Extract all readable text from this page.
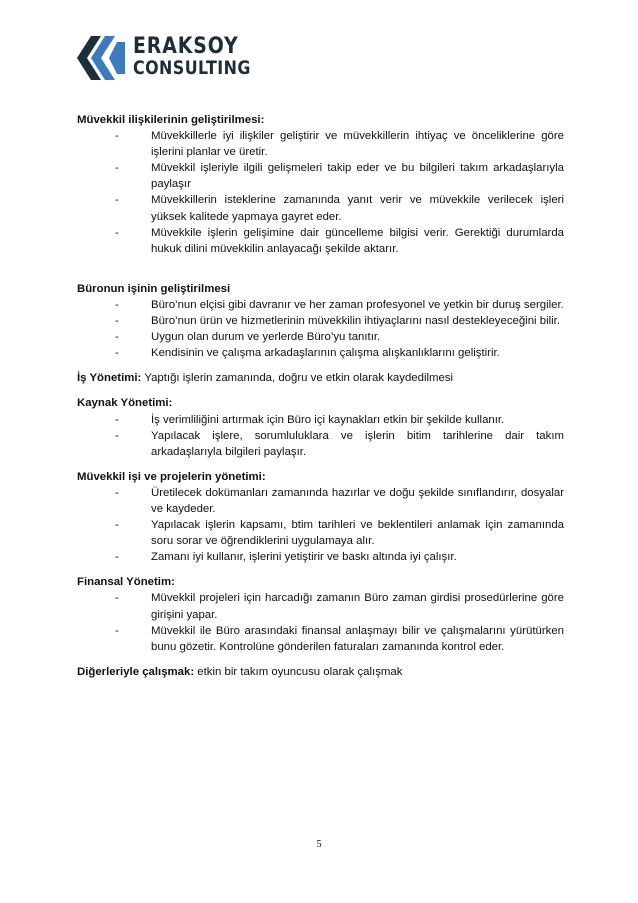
ERAKSOY
CONSULTING
Müvekkil ilişkilerinin geliştirilmesi:
-	Müvekkillerle iyi ilişkiler geliştirir ve müvekkillerin ihtiyaç ve önceliklerine göre işlerini planlar ve üretir.
-	Müvekkil işleriyle ilgili gelişmeleri takip eder ve bu bilgileri takım arkadaşlarıyla paylaşır
-	Müvekkillerin isteklerine zamanında yanıt verir ve müvekkile verilecek işleri yüksek kalitede yapmaya gayret eder.
-	Müvekkile işlerin gelişimine dair güncelleme bilgisi verir. Gerektiği durumlarda hukuk dilini müvekkilin anlayacağı şekilde aktarır.
Büronun işinin geliştirilmesi
-	Büro’nun elçisi gibi davranır ve her zaman profesyonel ve yetkin bir duruş sergiler.
-	Büro’nun ürün ve hizmetlerinin müvekkilin ihtiyaçlarını nasıl destekleyeceğini bilir.
-	Uygun olan durum ve yerlerde Büro’yu tanıtır.
-	Kendisinin ve çalışma arkadaşlarının çalışma alışkanlıklarını geliştirir.
İş Yönetimi: Yaptığı işlerin zamanında, doğru ve etkin olarak kaydedilmesi
Kaynak Yönetimi:
-	İş verimliliğini artırmak için Büro içi kaynakları etkin bir şekilde kullanır.
-	Yapılacak işlere, sorumluluklara ve işlerin bitim tarihlerine dair takım arkadaşlarıyla bilgileri paylaşır.
Müvekkil işi ve projelerin yönetimi:
-	Üretilecek dokümanları zamanında hazırlar ve doğu şekilde sınıflandırır, dosyalar ve kaydeder.
-	Yapılacak işlerin kapsamı, btim tarihleri ve beklentileri anlamak için zamanında soru sorar ve öğrendiklerini uygulamaya alır.
-	Zamanı iyi kullanır, işlerini yetiştirir ve baskı altında iyi çalışır.
Finansal Yönetim:
-	Müvekkil projeleri için harcadığı zamanın Büro zaman girdisi prosedürlerine göre girişini yapar.
-	Müvekkil ile Büro arasındaki finansal anlaşmayı bilir ve çalışmalarını yürütürken bunu gözetir. Kontrolüne gönderilen faturaları zamanında kontrol eder.
Diğerleriyle çalışmak: etkin bir takım oyuncusu olarak çalışmak
5
